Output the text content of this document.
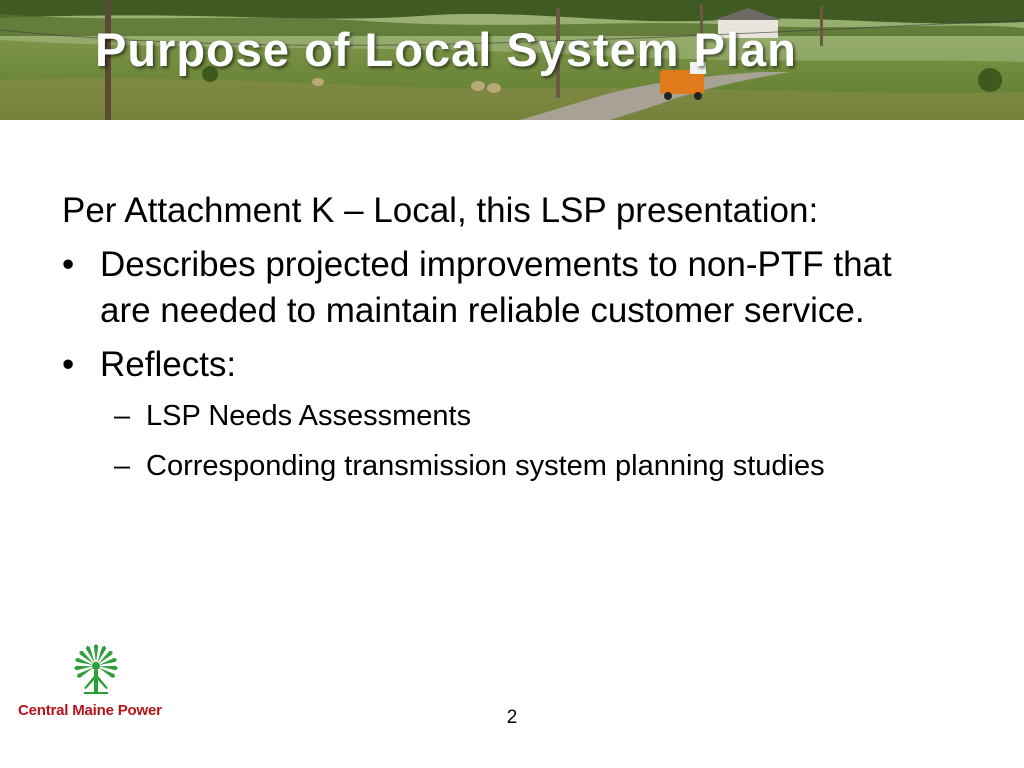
Purpose of Local System Plan

Per Attachment K – Local, this LSP presentation:

• Describes projected improvements to non-PTF that are needed to maintain reliable customer service.
• Reflects:
– LSP Needs Assessments
– Corresponding transmission system planning studies
Central Maine Power	2
